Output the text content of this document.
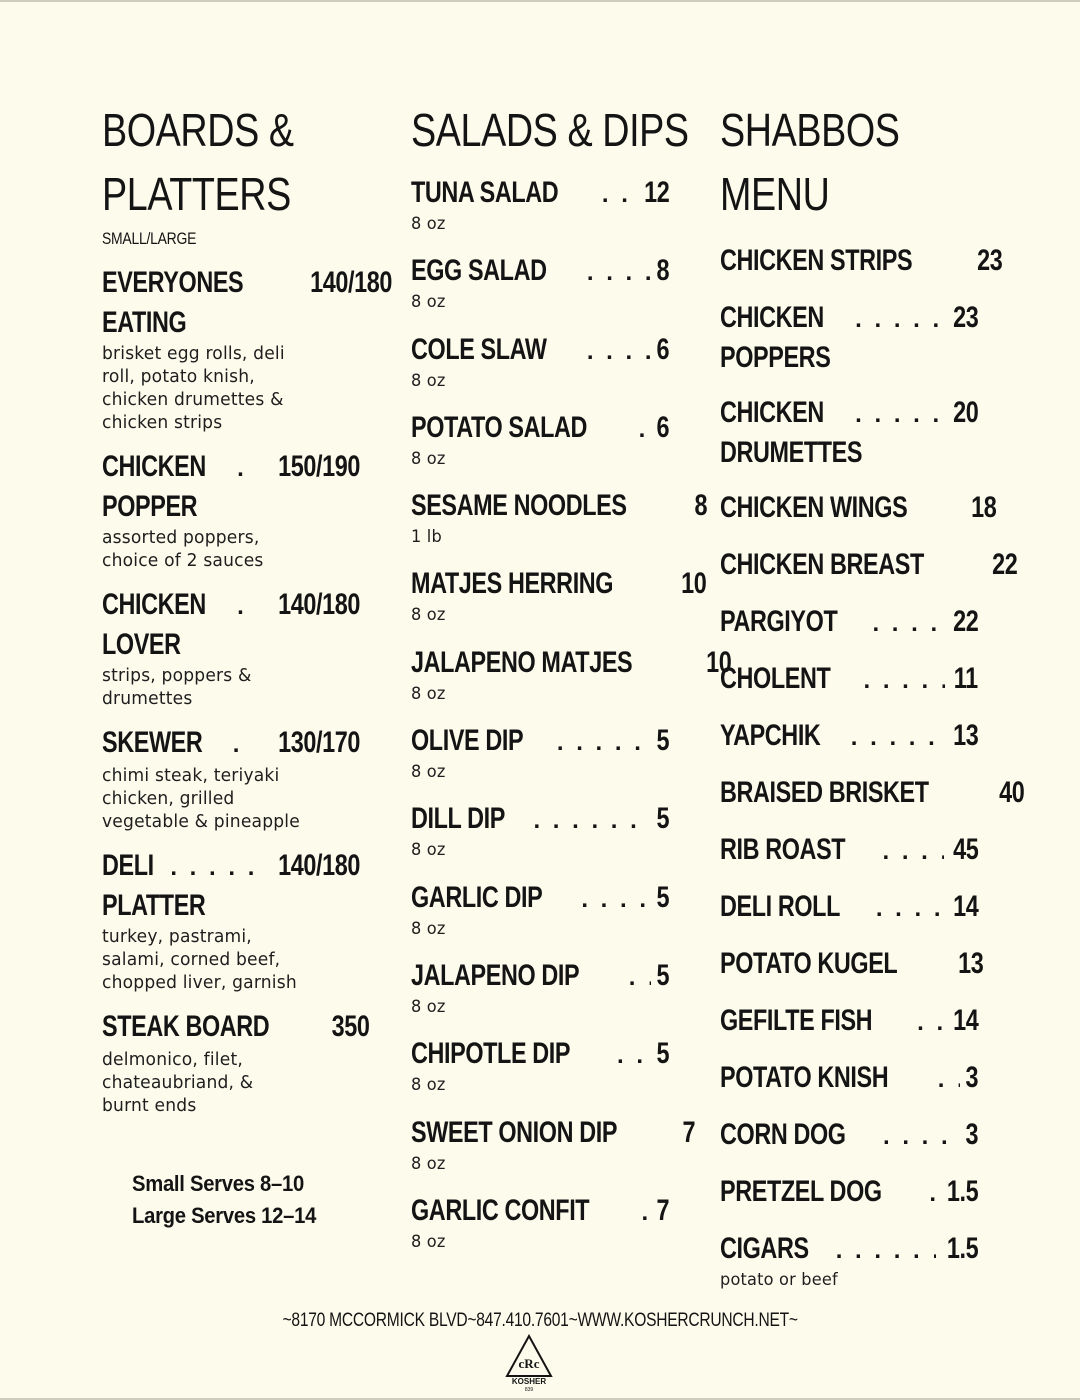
BOARDS &
PLATTERS
SMALL/LARGE
EVERYONES 140/180
EATING
brisket egg rolls, deli
roll, potato knish,
chicken drumettes &
chicken strips
CHICKEN . . . 150/190
POPPER
assorted poppers,
choice of 2 sauces
CHICKEN . . . 140/180
LOVER
strips, poppers &
drumettes
SKEWER . . .	130/170
chimi steak, teriyaki
chicken, grilled
vegetable & pineapple
DELI . . .	140/180
PLATTER
turkey, pastrami,
salami, corned beef,
chopped liver, garnish
STEAK BOARD 350
delmonico, filet,
chateaubriand, &
burnt ends
Small Serves 8–10
Large Serves 12–14
SALADS & DIPS
TUNA SALAD . . .	12
8 oz
EGG SALAD . . .	8
8 oz
COLE SLAW . . .	6
8 oz
POTATO SALAD . . . 6
8 oz
SESAME NOODLES 8
1 lb
MATJES HERRING 10
8 oz
JALAPENO MATJES 10
8 oz
OLIVE DIP . . .	5
8 oz
DILL DIP . . .	5
8 oz
GARLIC DIP . . .	5
8 oz
JALAPENO DIP . . .	5
8 oz
CHIPOTLE DIP . . .	5
8 oz
SWEET ONION DIP 7
8 oz
GARLIC CONFIT . . . 7
8 oz
SHABBOS
MENU
CHICKEN STRIPS 23
CHICKEN . . .	23
POPPERS
CHICKEN . . .	20
DRUMETTES
CHICKEN WINGS 18
CHICKEN BREAST 22
PARGIYOT . . .	22
CHOLENT . . .	11
YAPCHIK . . .	13
BRAISED BRISKET 40
RIB ROAST . . .	45
DELI ROLL . . .	14
POTATO KUGEL 13
GEFILTE FISH . . .	14
POTATO KNISH . . .	3
CORN DOG . . .	3
PRETZEL DOG . . . 1.5
CIGARS . . .	1.5
potato or beef
~8170 MCCORMICK BLVD~847.410.7601~WWW.KOSHERCRUNCH.NET~
cRc
KOSHER
839
